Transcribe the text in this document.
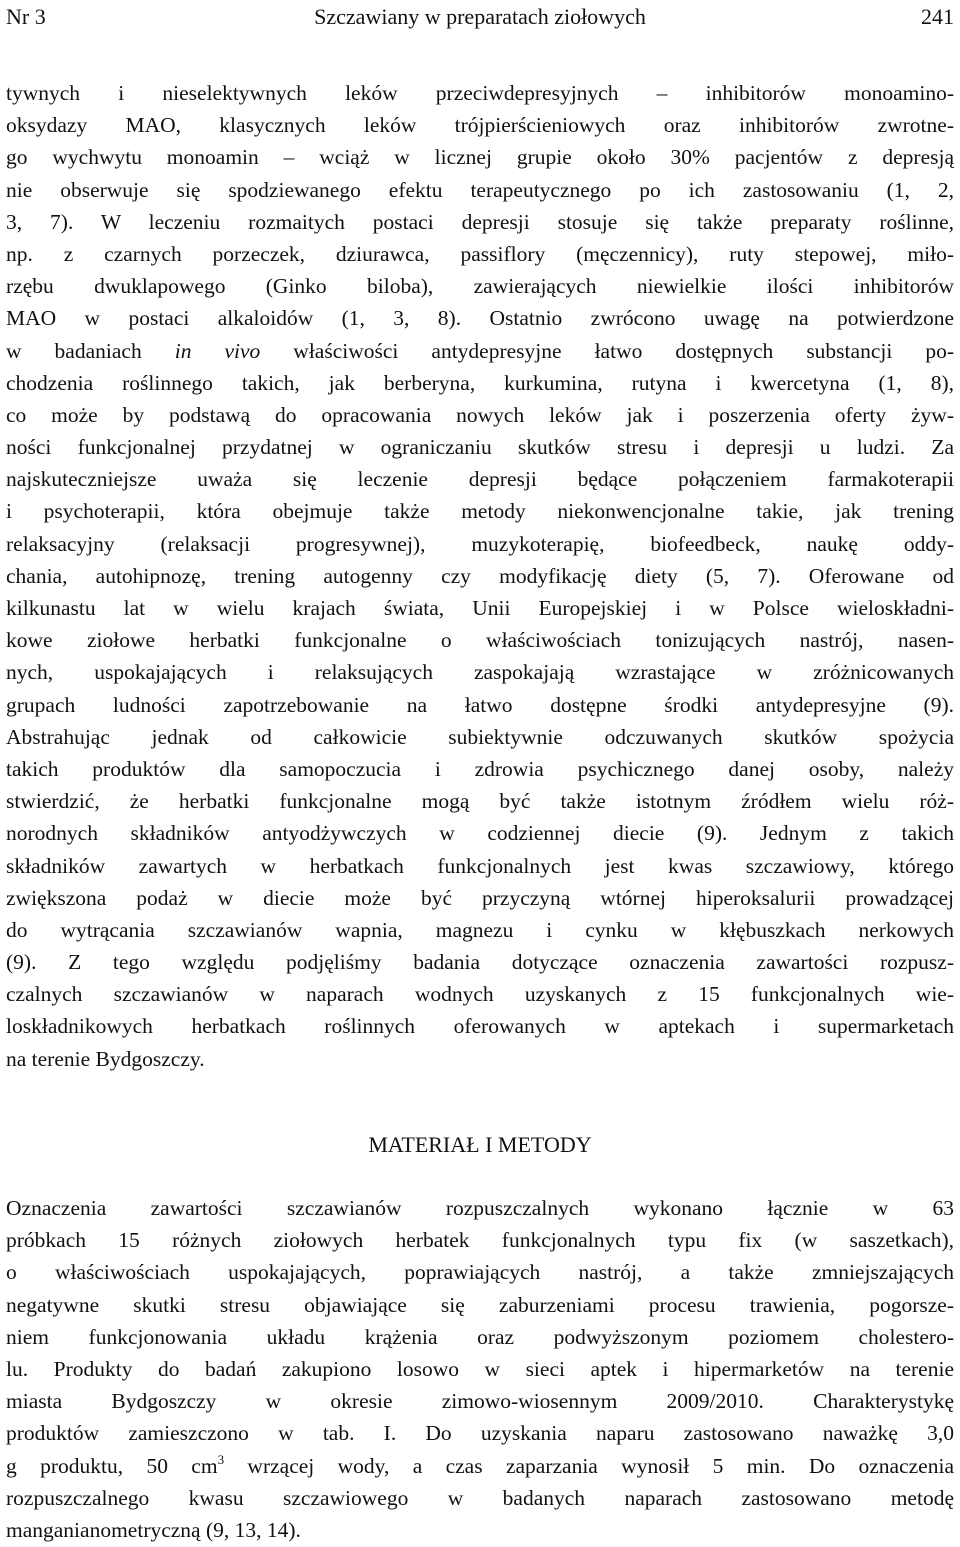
Nr 3	Szczawiany w preparatach ziołowych	241
tywnych i nieselektywnych leków przeciwdepresyjnych – inhibitorów monoamino-
oksydazy MAO, klasycznych leków trójpierścieniowych oraz inhibitorów zwrotne-
go wychwytu monoamin – wciąż w licznej grupie około 30% pacjentów z depresją
nie obserwuje się spodziewanego efektu terapeutycznego po ich zastosowaniu (1, 2,
3, 7). W leczeniu rozmaitych postaci depresji stosuje się także preparaty roślinne,
np. z czarnych porzeczek, dziurawca, passiflory (męczennicy), ruty stepowej, miło-
rzębu dwuklapowego (Ginko biloba), zawierających niewielkie ilości inhibitorów
MAO w postaci alkaloidów (1, 3, 8). Ostatnio zwrócono uwagę na potwierdzone
w badaniach in vivo właściwości antydepresyjne łatwo dostępnych substancji po-
chodzenia roślinnego takich, jak berberyna, kurkumina, rutyna i kwercetyna (1, 8),
co może by podstawą do opracowania nowych leków jak i poszerzenia oferty żyw-
ności funkcjonalnej przydatnej w ograniczaniu skutków stresu i depresji u ludzi. Za
najskuteczniejsze uważa się leczenie depresji będące połączeniem farmakoterapii
i psychoterapii, która obejmuje także metody niekonwencjonalne takie, jak trening
relaksacyjny (relaksacji progresywnej), muzykoterapię, biofeedbeck, naukę oddy-
chania, autohipnozę, trening autogenny czy modyfikację diety (5, 7). Oferowane od
kilkunastu lat w wielu krajach świata, Unii Europejskiej i w Polsce wieloskładni-
kowe ziołowe herbatki funkcjonalne o właściwościach tonizujących nastrój, nasen-
nych, uspokajających i relaksujących zaspokajają wzrastające w zróżnicowanych
grupach ludności zapotrzebowanie na łatwo dostępne środki antydepresyjne (9).
Abstrahując jednak od całkowicie subiektywnie odczuwanych skutków spożycia
takich produktów dla samopoczucia i zdrowia psychicznego danej osoby, należy
stwierdzić, że herbatki funkcjonalne mogą być także istotnym źródłem wielu róż-
norodnych składników antyodżywczych w codziennej diecie (9). Jednym z takich
składników zawartych w herbatkach funkcjonalnych jest kwas szczawiowy, którego
zwiększona podaż w diecie może być przyczyną wtórnej hiperoksalurii prowadzącej
do wytrącania szczawianów wapnia, magnezu i cynku w kłębuszkach nerkowych
(9). Z tego względu podjęliśmy badania dotyczące oznaczenia zawartości rozpusz-
czalnych szczawianów w naparach wodnych uzyskanych z 15 funkcjonalnych wie-
loskładnikowych herbatkach roślinnych oferowanych w aptekach i supermarketach
na terenie Bydgoszczy.
MATERIAŁ I METODY
Oznaczenia zawartości szczawianów rozpuszczalnych wykonano łącznie w 63
próbkach 15 różnych ziołowych herbatek funkcjonalnych typu fix (w saszetkach),
o właściwościach uspokajających, poprawiających nastrój, a także zmniejszających
negatywne skutki stresu objawiające się zaburzeniami procesu trawienia, pogorsze-
niem funkcjonowania układu krążenia oraz podwyższonym poziomem cholestero-
lu. Produkty do badań zakupiono losowo w sieci aptek i hipermarketów na terenie
miasta Bydgoszczy w okresie zimowo-wiosennym 2009/2010. Charakterystykę
produktów zamieszczono w tab. I. Do uzyskania naparu zastosowano naważkę 3,0
g produktu, 50 $cm^3$ wrzącej wody, a czas zaparzania wynosił 5 min. Do oznaczenia
rozpuszczalnego kwasu szczawiowego w badanych naparach zastosowano metodę
manganianometryczną (9, 13, 14).
